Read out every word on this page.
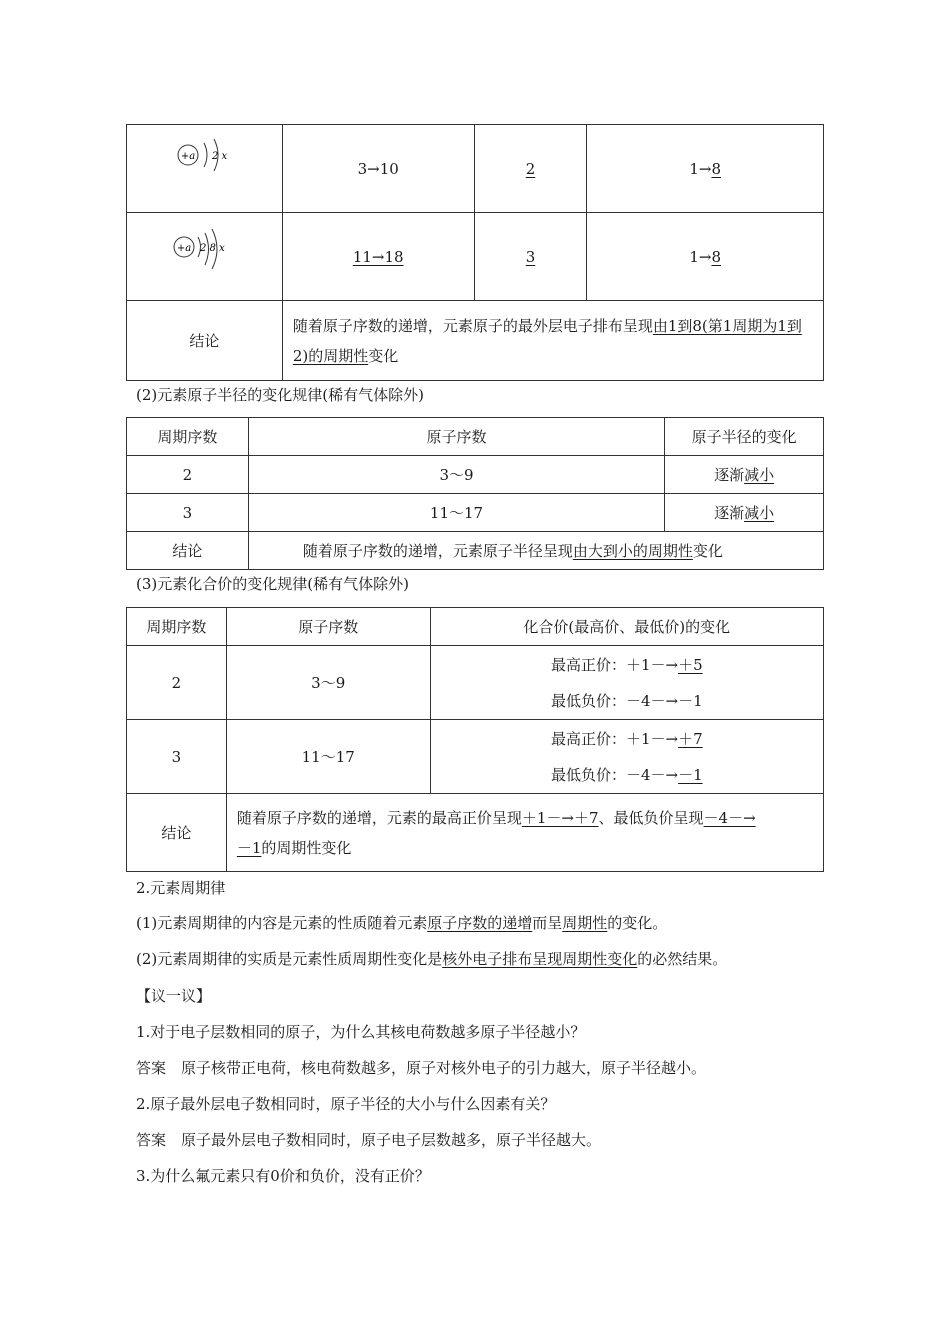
+a 2 x	3→10	2	1→8

+a 2 8 x	11→18	3	1→8
结论	随着原子序数的递增，元素原子的最外层电子排布呈现由1到8(第1周期为1到2)的周期性变化		
(2)元素原子半径的变化规律(稀有气体除外)
周期序数	原子序数	原子半径的变化
2	3～9	逐渐减小
3	11～17	逐渐减小
结论	随着原子序数的递增，元素原子半径呈现由大到小的周期性变化	
(3)元素化合价的变化规律(稀有气体除外)
周期序数	原子序数	化合价(最高价、最低价)的变化
2	3～9	最高正价：＋1－→＋5
最低负价：－4－→－1

3	11～17	最高正价：＋1－→＋7
最低负价：－4－→－1

结论	随着原子序数的递增，元素的最高正价呈现＋1－→＋7、最低负价呈现－4－→
－1的周期性变化	
2.元素周期律
(1)元素周期律的内容是元素的性质随着元素原子序数的递增而呈周期性的变化。
(2)元素周期律的实质是元素性质周期性变化是核外电子排布呈现周期性变化的必然结果。
【议一议】
1.对于电子层数相同的原子，为什么其核电荷数越多原子半径越小？
答案　原子核带正电荷，核电荷数越多，原子对核外电子的引力越大，原子半径越小。
2.原子最外层电子数相同时，原子半径的大小与什么因素有关？
答案　原子最外层电子数相同时，原子电子层数越多，原子半径越大。
3.为什么氟元素只有0价和负价，没有正价？
